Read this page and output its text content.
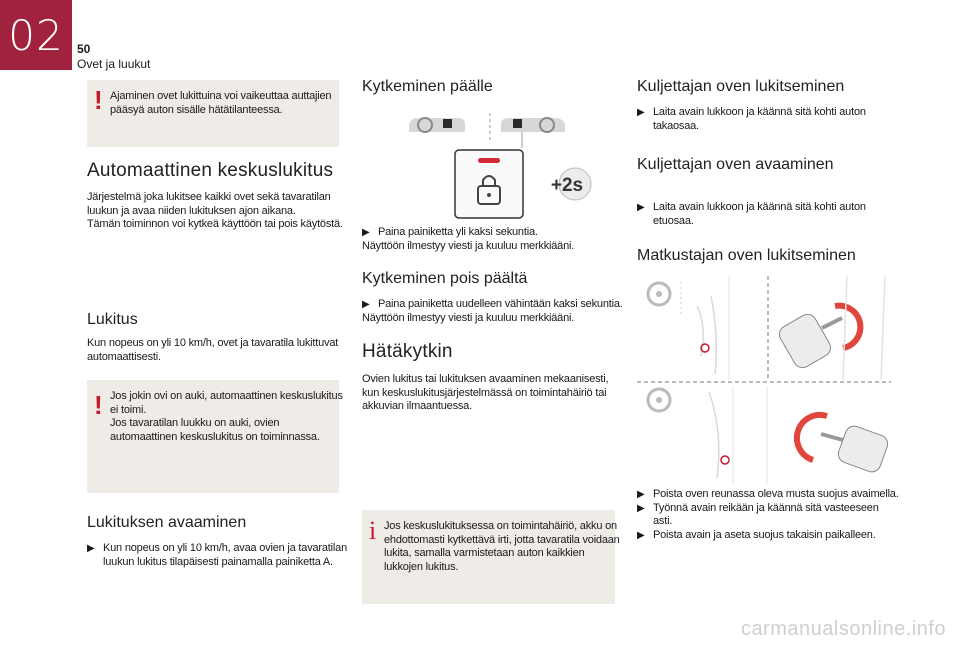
02 50
Ovet ja luukut
! Ajaminen ovet lukittuina voi vaikeuttaa auttajien
pääsyä auton sisälle hätätilanteessa.
Automaattinen keskuslukitus
Järjestelmä joka lukitsee kaikki ovet sekä tavaratilan
luukun ja avaa niiden lukituksen ajon aikana.
Tämän toiminnon voi kytkeä käyttöön tai pois käytöstä.
Lukitus
Kun nopeus on yli 10 km/h, ovet ja tavaratila lukittuvat
automaattisesti.
! Jos jokin ovi on auki, automaattinen keskuslukitus
ei toimi.
Jos tavaratilan luukku on auki, ovien
automaattinen keskuslukitus on toiminnassa.
Lukituksen avaaminen
▶ Kun nopeus on yli 10 km/h, avaa ovien ja tavaratilan
luukun lukitus tilapäisesti painamalla painiketta A.
Kytkeminen päälle
+2s
▶ Paina painiketta yli kaksi sekuntia.
Näyttöön ilmestyy viesti ja kuuluu merkkiääni.
Kytkeminen pois päältä
▶ Paina painiketta uudelleen vähintään kaksi sekuntia.
Näyttöön ilmestyy viesti ja kuuluu merkkiääni.
Hätäkytkin
Ovien lukitus tai lukituksen avaaminen mekaanisesti,
kun keskuslukitusjärjestelmässä on toimintahäiriö tai
akkuvian ilmaantuessa.
i Jos keskuslukituksessa on toimintahäiriö, akku on
ehdottomasti kytkettävä irti, jotta tavaratila voidaan
lukita, samalla varmistetaan auton kaikkien
lukkojen lukitus.
Kuljettajan oven lukitseminen
▶ Laita avain lukkoon ja käännä sitä kohti auton
takaosaa.
Kuljettajan oven avaaminen
▶ Laita avain lukkoon ja käännä sitä kohti auton
etuosaa.
Matkustajan oven lukitseminen
▶ Poista oven reunassa oleva musta suojus avaimella.
▶ Työnnä avain reikään ja käännä sitä vasteeseen
asti.
▶ Poista avain ja aseta suojus takaisin paikalleen.
carmanualsonline.info
